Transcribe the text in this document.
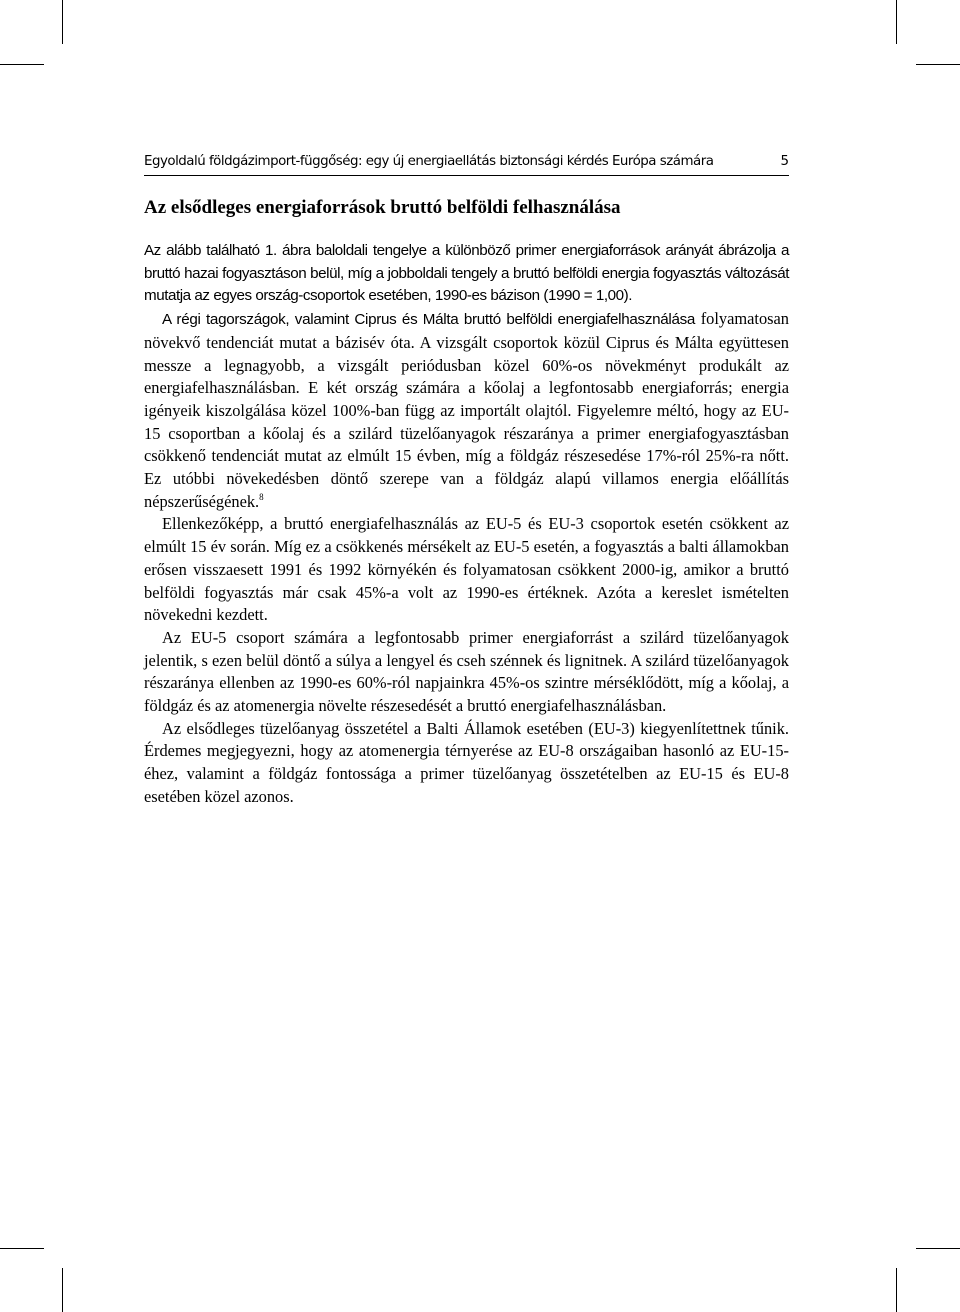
Egyoldalú földgázimport-függőség: egy új energiaellátás biztonsági kérdés Európa számára	5
Az elsődleges energiaforrások bruttó belföldi felhasználása

Az alább található 1. ábra baloldali tengelye a különböző primer energiaforrások arányát ábrázolja a bruttó hazai fogyasztáson belül, míg a jobboldali tengely a bruttó belföldi energia fogyasztás változását mutatja az egyes ország-csoportok esetében, 1990-es bázison (1990 = 1,00).

A régi tagországok, valamint Ciprus és Málta bruttó belföldi energiafelhasználása folyamatosan növekvő tendenciát mutat a bázisév óta. A vizsgált csoportok közül Ciprus és Málta együttesen messze a legnagyobb, a vizsgált periódusban közel 60%-os növekményt produkált az energiafelhasználásban. E két ország számára a kőolaj a legfontosabb energiaforrás; energia igényeik kiszolgálása közel 100%-ban függ az importált olajtól. Figyelemre méltó, hogy az EU-15 csoportban a kőolaj és a szilárd tüzelőanyagok részaránya a primer energiafogyasztásban csökkenő tendenciát mutat az elmúlt 15 évben, míg a földgáz részesedése 17%-ról 25%-ra nőtt. Ez utóbbi növekedésben döntő szerepe van a földgáz alapú villamos energia előállítás népszerűségének.$^8$

Ellenkezőképp, a bruttó energiafelhasználás az EU-5 és EU-3 csoportok esetén csökkent az elmúlt 15 év során. Míg ez a csökkenés mérsékelt az EU-5 esetén, a fogyasztás a balti államokban erősen visszaesett 1991 és 1992 környékén és folyamatosan csökkent 2000-ig, amikor a bruttó belföldi fogyasztás már csak 45%-a volt az 1990-es értéknek. Azóta a kereslet ismételten növekedni kezdett.

Az EU-5 csoport számára a legfontosabb primer energiaforrást a szilárd tüzelőanyagok jelentik, s ezen belül döntő a súlya a lengyel és cseh szénnek és lignitnek. A szilárd tüzelőanyagok részaránya ellenben az 1990-es 60%-ról napjainkra 45%-os szintre mérséklődött, míg a kőolaj, a földgáz és az atomenergia növelte részesedését a bruttó energiafelhasználásban.

Az elsődleges tüzelőanyag összetétel a Balti Államok esetében (EU-3) kiegyenlítettnek tűnik. Érdemes megjegyezni, hogy az atomenergia térnyerése az EU-8 országaiban hasonló az EU-15-éhez, valamint a földgáz fontossága a primer tüzelőanyag összetételben az EU-15 és EU-8 esetében közel azonos.
